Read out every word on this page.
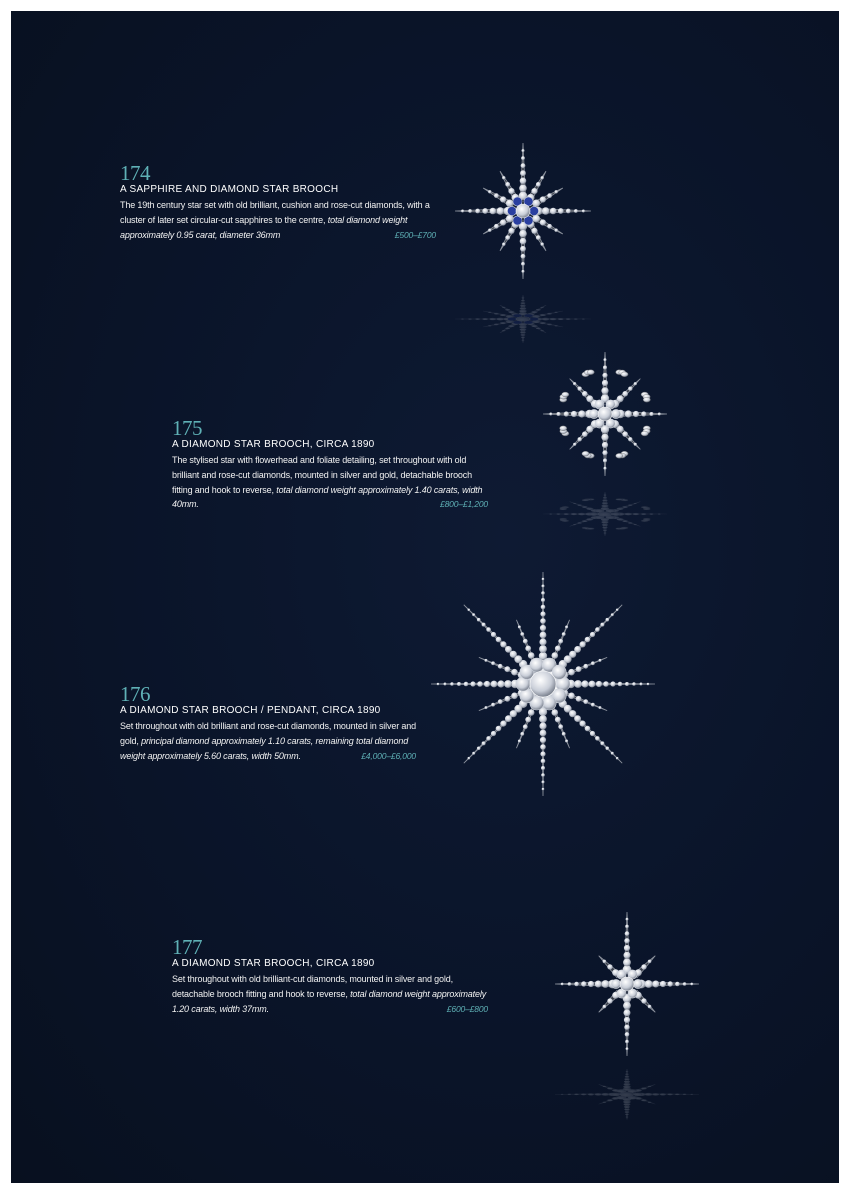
174
A SAPPHIRE AND DIAMOND STAR BROOCH

The 19th century star set with old brilliant, cushion and rose-cut diamonds, with a cluster of later set circular-cut sapphires to the centre, total diamond weight approximately 0.95 carat, diameter 36mm	£500–£700

175
A DIAMOND STAR BROOCH, CIRCA 1890

The stylised star with flowerhead and foliate detailing, set throughout with old brilliant and rose-cut diamonds, mounted in silver and gold, detachable brooch fitting and hook to reverse, total diamond weight approximately 1.40 carats, width 40mm.	£800–£1,200

176
A DIAMOND STAR BROOCH / PENDANT, CIRCA 1890

Set throughout with old brilliant and rose-cut diamonds, mounted in silver and gold, principal diamond approximately 1.10 carats, remaining total diamond weight approximately 5.60 carats, width 50mm.	£4,000–£6,000

177
A DIAMOND STAR BROOCH, CIRCA 1890

Set throughout with old brilliant-cut diamonds, mounted in silver and gold, detachable brooch fitting and hook to reverse, total diamond weight approximately 1.20 carats, width 37mm.	£600–£800
